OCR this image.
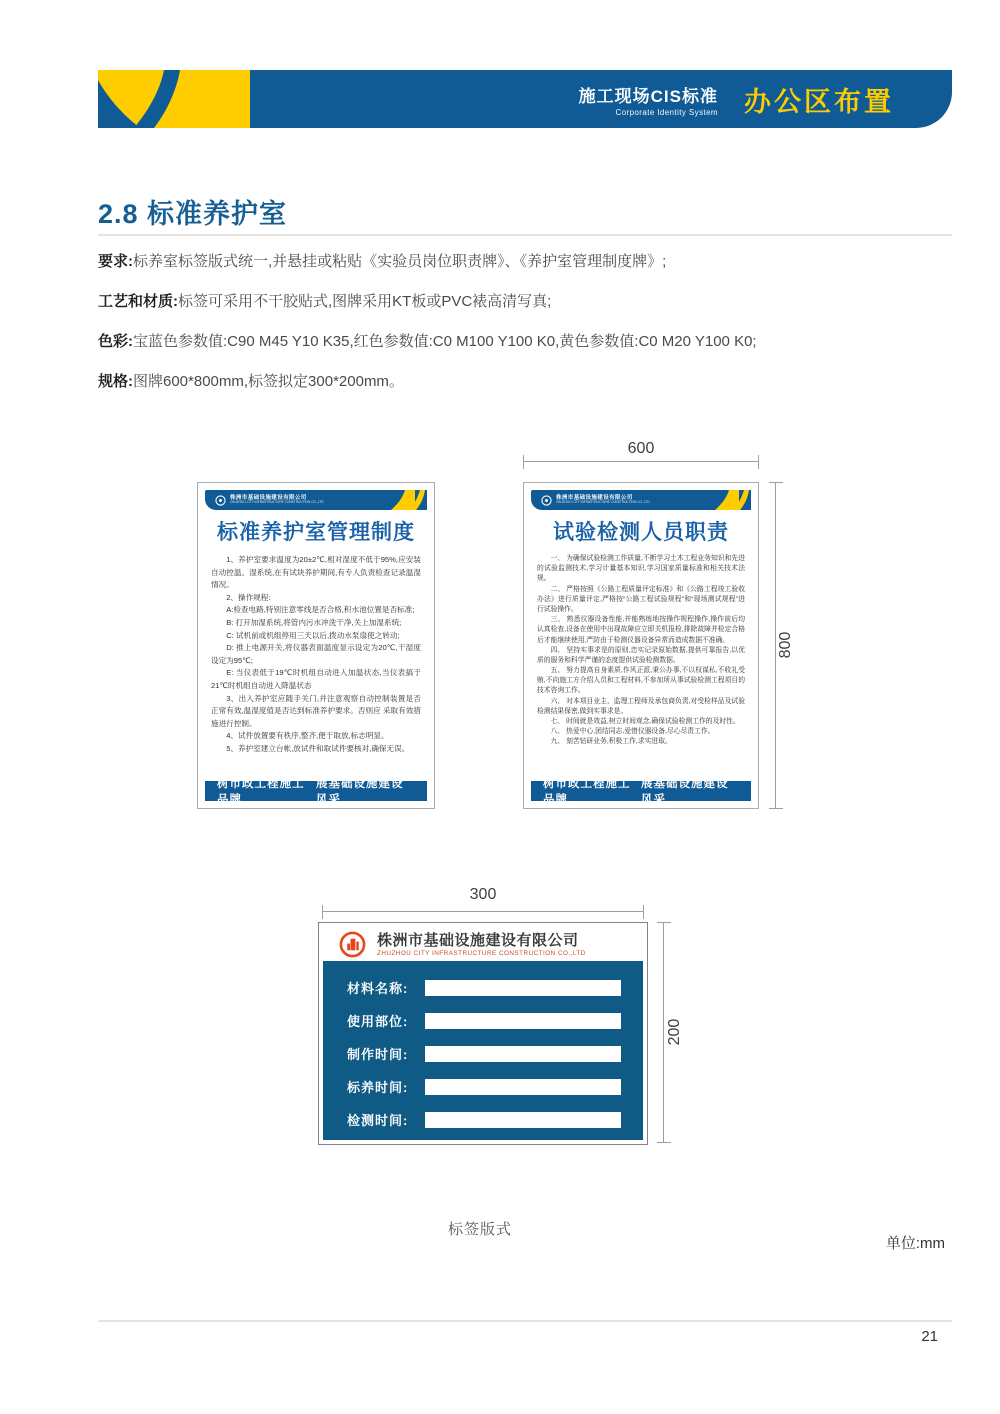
施工现场CIS标准
Corporate Identity System 办公区布置
2.8 标准养护室
要求:标养室标签版式统一,并悬挂或粘贴《实验员岗位职责牌》、《养护室管理制度牌》;
工艺和材质:标签可采用不干胶贴式,图牌采用KT板或PVC裱高清写真;
色彩:宝蓝色参数值:C90 M45 Y10 K35,红色参数值:C0 M100 Y100 K0,黄色参数值:C0 M20 Y100 K0;
规格:图牌600*800mm,标签拟定300*200mm。
株洲市基础设施建设有限公司
ZHUZHOU CITY INFRASTRUCTURE CONSTRUCTION CO.,LTD
标准养护室管理制度

1、养护室要求温度为20±2℃,相对湿度不低于95%,应安装自动控温、湿系统,在有试块养护期间,有专人负责检查记录温湿情况。

2、操作规程:

A:检查电路,特别注意零线是否合格,积水池位置是否标准;

B: 打开加湿系统,将管内污水冲洗干净,关上加湿系统;

C: 试机前或机组停用三天以后,拨动水泵扇使之转动;

D: 推上电源开关,将仪器表面温度显示设定为20℃,干湿度设定为95℃;

E: 当仪表低于19℃时机组自动进入加温状态,当仪表搞于21℃时机组自动进入降温状态

3、出入养护室应随手关门,并注意观察自动控制装置是否正常有效,温湿度值是否达到标准养护要求。否则应 采取有效措施进行控制。

4、试件放置要有秩序,整齐,便于取放,标志明显。

5、养护室建立台帐,放试件和取试件要核对,确保无误。

树市政工程施工品牌
展基础设施建设风采
株洲市基础设施建设有限公司
ZHUZHOU CITY INFRASTRUCTURE CONSTRUCTION CO.,LTD
试验检测人员职责

一、 为确保试验检测工作质量,不断学习土木工程业务知识和先进的试验监测技术,学习计量基本知识,学习国家质量标准和相关技术法规。

二、 严格按照《公路工程质量评定标准》和《公路工程竣工验收办法》进行质量评定,严格按“公路工程试验规程”和“现场测试规程”进行试验操作。

三、 熟悉仪器设备性能,并能熟练地按操作规程操作,操作前后均认真检查,设备在使用中出现故障应立即关机报检,排除故障并检定合格后才能继续使用,严防由于检测仪器设备异常而造成数据不准确。

四、 坚持实事求是的原则,忠实记录原始数据,提供可靠报告,以优质的服务和科学严谨的态度提供试验检测数据。

五、 努力提高自身素质,作风正派,秉公办事,不以权谋私,不收礼受贿,不向施工方介绍人员和工程材料,不参加所从事试验检测工程项目的技术咨询工作。

六、 对本项目业主、监理工程师及承包商负责,对受检样品及试验检测结果保密,做到实事求是。

七、 时间就是效益,树立时间观念,确保试验检测工作的及时性。

八、 热爱中心,团结同志,爱惜仪器设备,尽心尽责工作。

九、 刻苦钻研业务,积极工作,求实进取。

树市政工程施工品牌
展基础设施建设风采
600
800
300
200
株洲市基础设施建设有限公司
ZHUZHOU CITY INFRASTRUCTURE CONSTRUCTION CO.,LTD
材料名称:
使用部位:
制作时间:
标养时间:
检测时间:
标签版式
单位:mm
21
